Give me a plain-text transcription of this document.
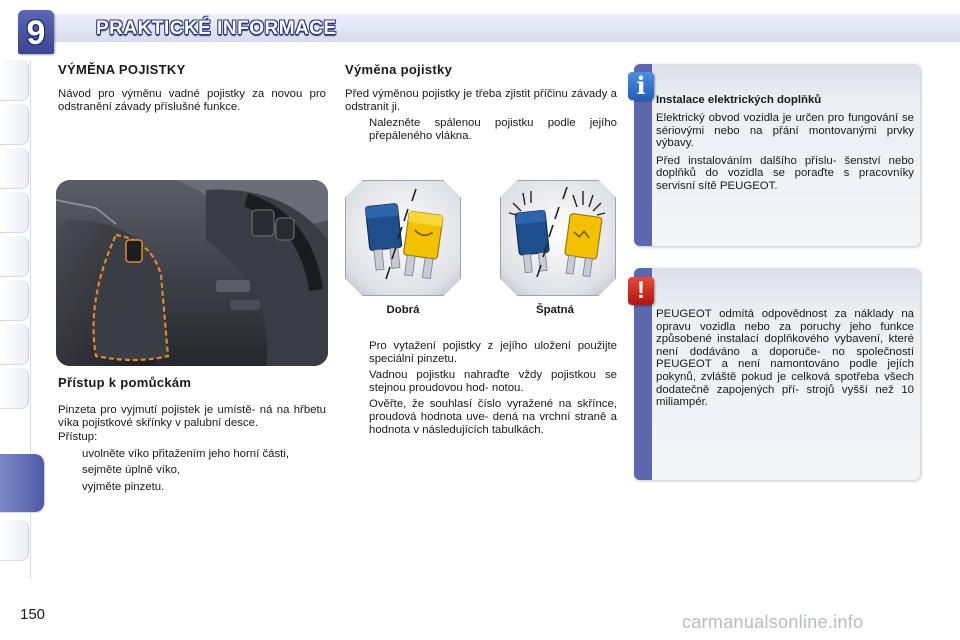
9	PRAKTICKÉ INFORMACE
VÝMĚNA POJISTKY

Návod pro výměnu vadné pojistky za novou pro odstranění závady příslušné funkce.

Přístup k pomůckám

Pinzeta pro vyjmutí pojistek je umístě- ná na hřbetu víka pojistkové skřínky v palubní desce.

Přístup:

uvolněte víko přitažením jeho horní části,
sejměte úplně víko,
vyjměte pinzetu.
Výměna pojistky

Před výměnou pojistky je třeba zjistit příčinu závady a odstranit ji.

Nalezněte spálenou pojistku podle jejího přepáleného vlákna.
Dobrá	Špatná
Pro vytažení pojistky z jejího uložení použijte speciální pinzetu.
Vadnou pojistku nahraďte vždy pojistkou se stejnou proudovou hod- notou.
Ověřte, že souhlasí číslo vyražené na skřínce, proudová hodnota uve- dená na vrchní straně a hodnota v následujících tabulkách.
Instalace elektrických doplňků

Elektrický obvod vozidla je určen pro fungování se sériovými nebo na přání montovanými prvky výbavy.

Před instalováním dalšího příslu- šenství nebo doplňků do vozidla se poraďte s pracovníky servisní sítě PEUGEOT.

i

PEUGEOT odmítá odpovědnost za náklady na opravu vozidla nebo za poruchy jeho funkce způsobené instalací doplňkového vybavení, které není dodáváno a doporuče- no společností PEUGEOT a není namontováno podle jejích pokynů, zvláště pokud je celková spotřeba všech dodatečně zapojených pří- strojů vyšší než 10 miliampér.

!
150	carmanualsonline.info
